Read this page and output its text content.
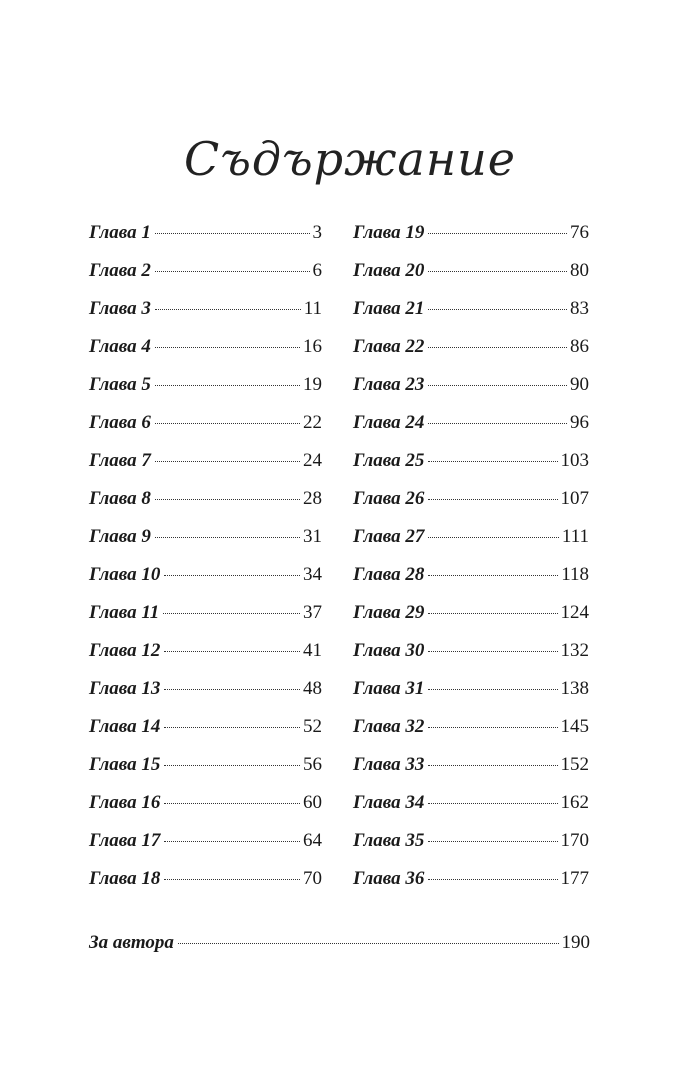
Съдържание
Глава 1	3
Глава 2	6
Глава 3	11
Глава 4	16
Глава 5	19
Глава 6	22
Глава 7	24
Глава 8	28
Глава 9	31
Глава 10	34
Глава 11	37
Глава 12	41
Глава 13	48
Глава 14	52
Глава 15	56
Глава 16	60
Глава 17	64
Глава 18	70
Глава 19	76
Глава 20	80
Глава 21	83
Глава 22	86
Глава 23	90
Глава 24	96
Глава 25	103
Глава 26	107
Глава 27	111
Глава 28	118
Глава 29	124
Глава 30	132
Глава 31	138
Глава 32	145
Глава 33	152
Глава 34	162
Глава 35	170
Глава 36	177
За автора	190
